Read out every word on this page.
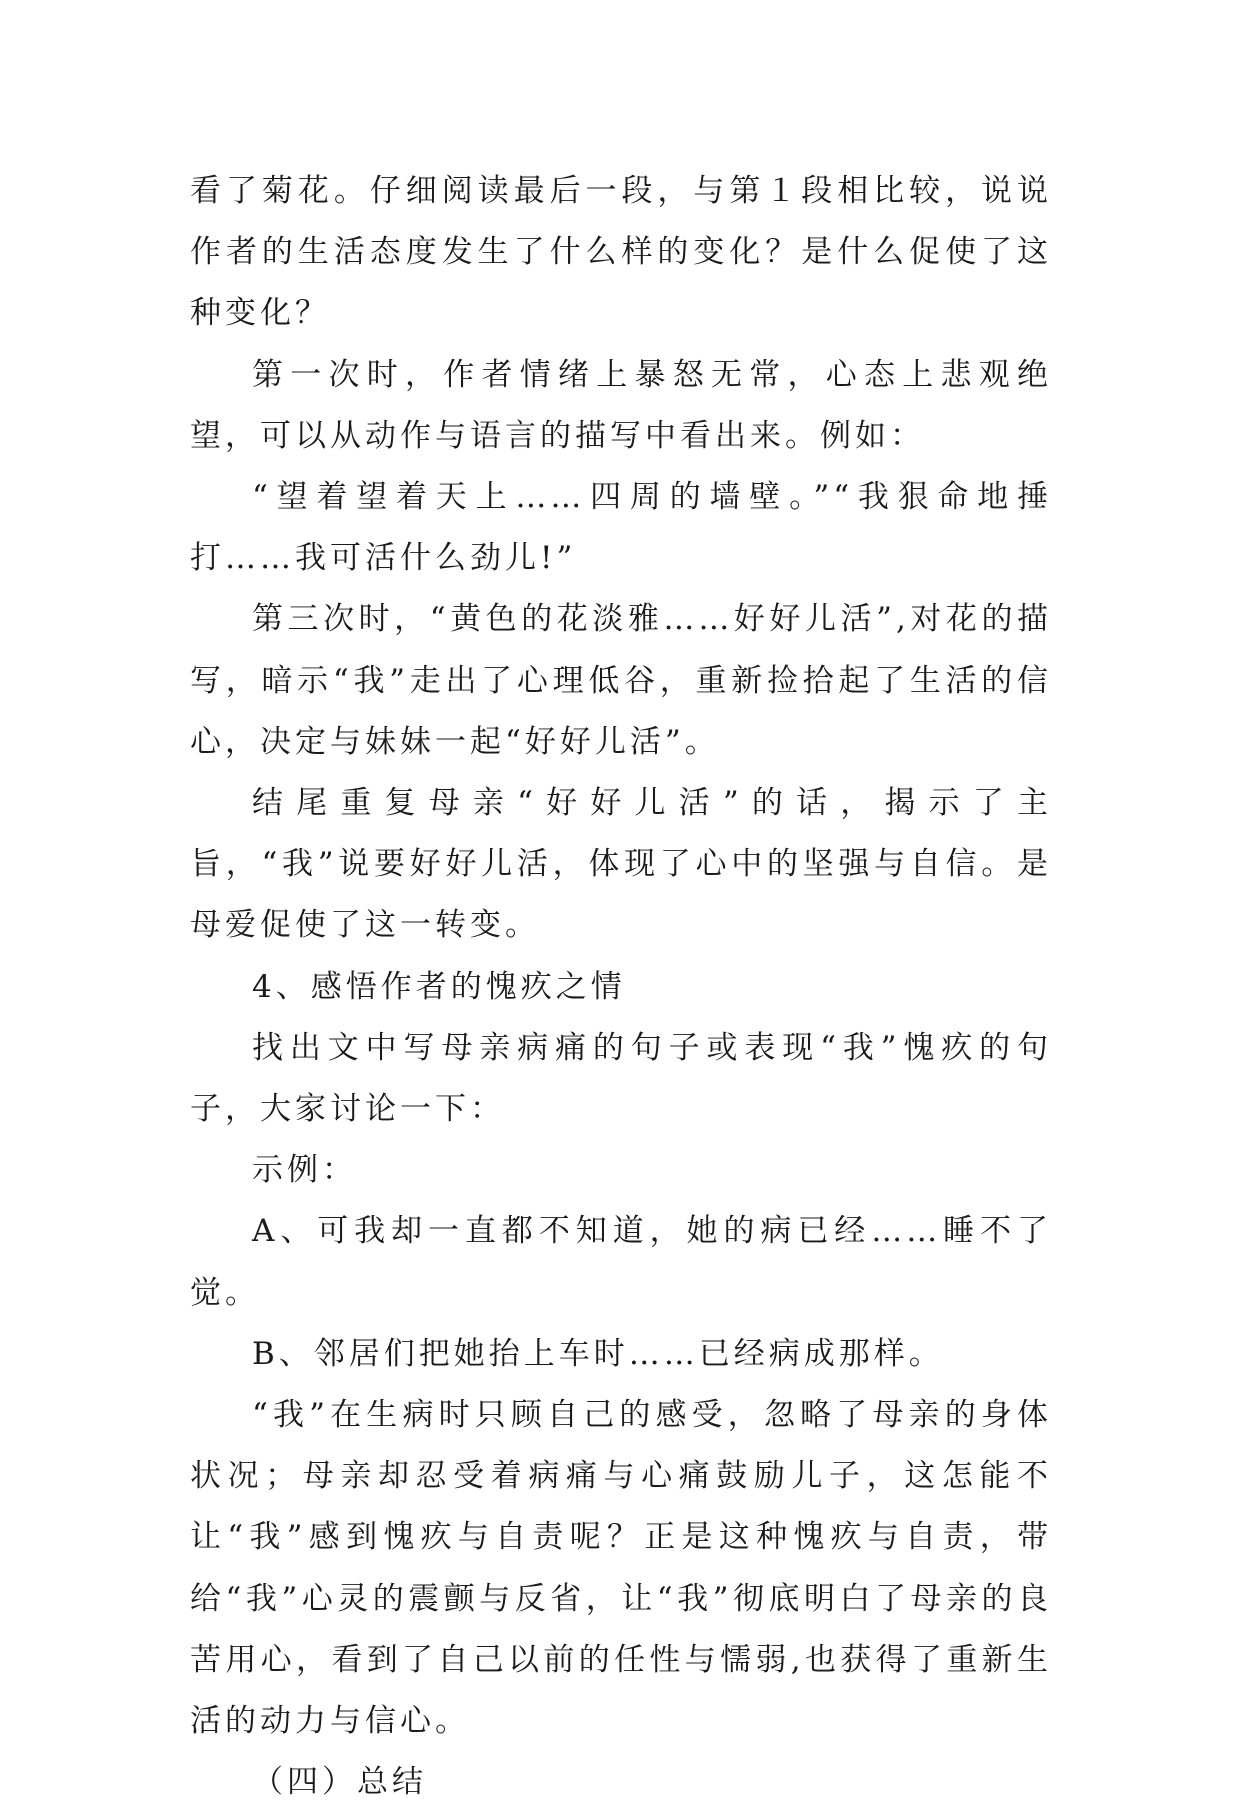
看了菊花。仔细阅读最后一段，与第１段相比较，说说作者的生活态度发生了什么样的变化？是什么促使了这种变化？

第一次时，作者情绪上暴怒无常，心态上悲观绝望，可以从动作与语言的描写中看出来。例如：

“望着望着天上……四周的墙壁。”“我狠命地捶打……我可活什么劲儿!”

第三次时，“黄色的花淡雅……好好儿活”,对花的描写，暗示“我”走出了心理低谷，重新捡拾起了生活的信心，决定与妹妹一起“好好儿活”。

结尾重复母亲“好好儿活”的话，揭示了主旨，“我”说要好好儿活，体现了心中的坚强与自信。是母爱促使了这一转变。

4、感悟作者的愧疚之情

找出文中写母亲病痛的句子或表现“我”愧疚的句子，大家讨论一下：

示例：

A、可我却一直都不知道，她的病已经……睡不了觉。

B、邻居们把她抬上车时……已经病成那样。

“我”在生病时只顾自己的感受，忽略了母亲的身体状况；母亲却忍受着病痛与心痛鼓励儿子，这怎能不让“我”感到愧疚与自责呢？正是这种愧疚与自责，带给“我”心灵的震颤与反省，让“我”彻底明白了母亲的良苦用心，看到了自己以前的任性与懦弱,也获得了重新生活的动力与信心。

（四）总结
